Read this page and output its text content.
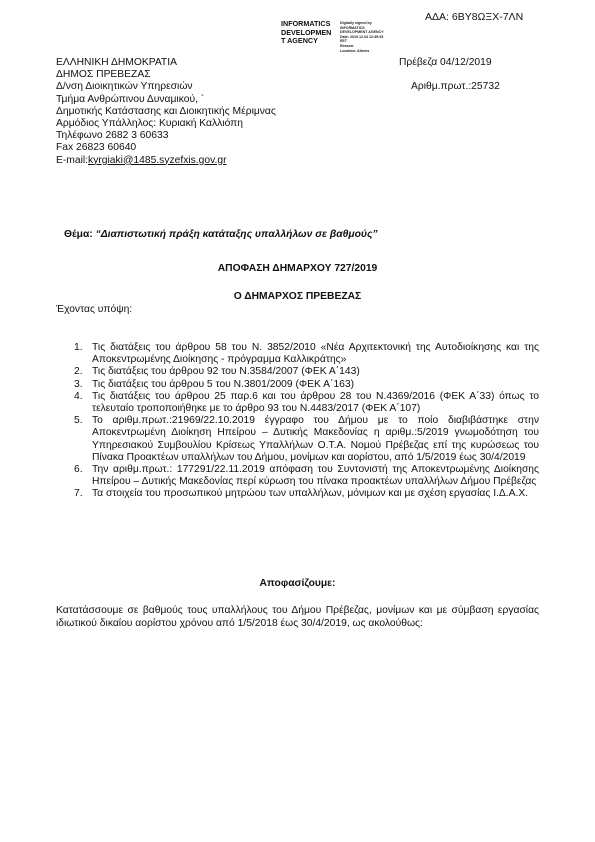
ΑΔΑ: 6ΒΥ8ΩΞΧ-7ΛΝ
INFORMATICS
DEVELOPMEN
T AGENCY
Digitally signed by
INFORMATICS
DEVELOPMENT AGENCY
Date: 2019.12.04 12:39:53
EET
Reason:
Location: Athens
ΕΛΛΗΝΙΚΗ ΔΗΜΟΚΡΑΤΙΑ
ΔΗΜΟΣ ΠΡΕΒΕΖΑΣ
Δ/νση Διοικητικών Υπηρεσιών
Τμήμα Ανθρώπινου Δυναμικού, `
Δημοτικής Κατάστασης και Διοικητικής Μέριμνας
Αρμόδιος Υπάλληλος: Κυριακή Καλλιόπη
Τηλέφωνο 2682 3 60633
Fax 26823 60640
E-mail:kyrgiaki@1485.syzefxis.gov.gr
Πρέβεζα 04/12/2019
Αριθμ.πρωτ.:25732
Θέμα: “Διαπιστωτική πράξη κατάταξης υπαλλήλων σε βαθμούς”
ΑΠΟΦΑΣΗ ΔΗΜΑΡΧΟΥ 727/2019
Ο ΔΗΜΑΡΧΟΣ ΠΡΕΒΕΖΑΣ
Έχοντας υπόψη:
1. Τις διατάξεις του άρθρου 58 του Ν. 3852/2010 «Νέα Αρχιτεκτονική της Αυτοδιοίκησης και της Αποκεντρωμένης Διοίκησης - πρόγραμμα Καλλικράτης»
2. Τις διατάξεις του άρθρου 92 του Ν.3584/2007 (ΦΕΚ Α΄143)
3. Τις διατάξεις του άρθρου 5 του Ν.3801/2009 (ΦΕΚ Α΄163)
4. Τις διατάξεις του άρθρου 25 παρ.6 και του άρθρου 28 του Ν.4369/2016 (ΦΕΚ Α΄33) όπως το τελευταίο τροποποιήθηκε με το άρθρο 93 του Ν.4483/2017 (ΦΕΚ Α΄107)
5. Το αριθμ.πρωτ.:21969/22.10.2019 έγγραφο του Δήμου με το ποίο διαβιβάστηκε στην Αποκεντρωμένη Διοίκηση Ηπείρου – Δυτικής Μακεδονίας η αριθμ.:5/2019 γνωμοδότηση του Υπηρεσιακού Συμβουλίου Κρίσεως Υπαλλήλων Ο.Τ.Α. Νομού Πρέβεζας επί της κυρώσεως του Πίνακα Προακτέων υπαλλήλων του Δήμου, μονίμων και αορίστου, από 1/5/2019 έως 30/4/2019
6. Την αριθμ.πρωτ.: 177291/22.11.2019 απόφαση του Συντονιστή της Αποκεντρωμένης Διοίκησης Ηπείρου – Δυτικής Μακεδονίας περί κύρωση του πίνακα προακτέων υπαλλήλων Δήμου Πρέβεζας
7. Τα στοιχεία του προσωπικού μητρώου των υπαλλήλων, μόνιμων και με σχέση εργασίας Ι.Δ.Α.Χ.
Αποφασίζουμε:
Κατατάσσουμε σε βαθμούς τους υπαλλήλους του Δήμου Πρέβεζας, μονίμων και με σύμβαση εργασίας ιδιωτικού δικαίου αορίστου χρόνου από 1/5/2018 έως 30/4/2019, ως ακολούθως:
